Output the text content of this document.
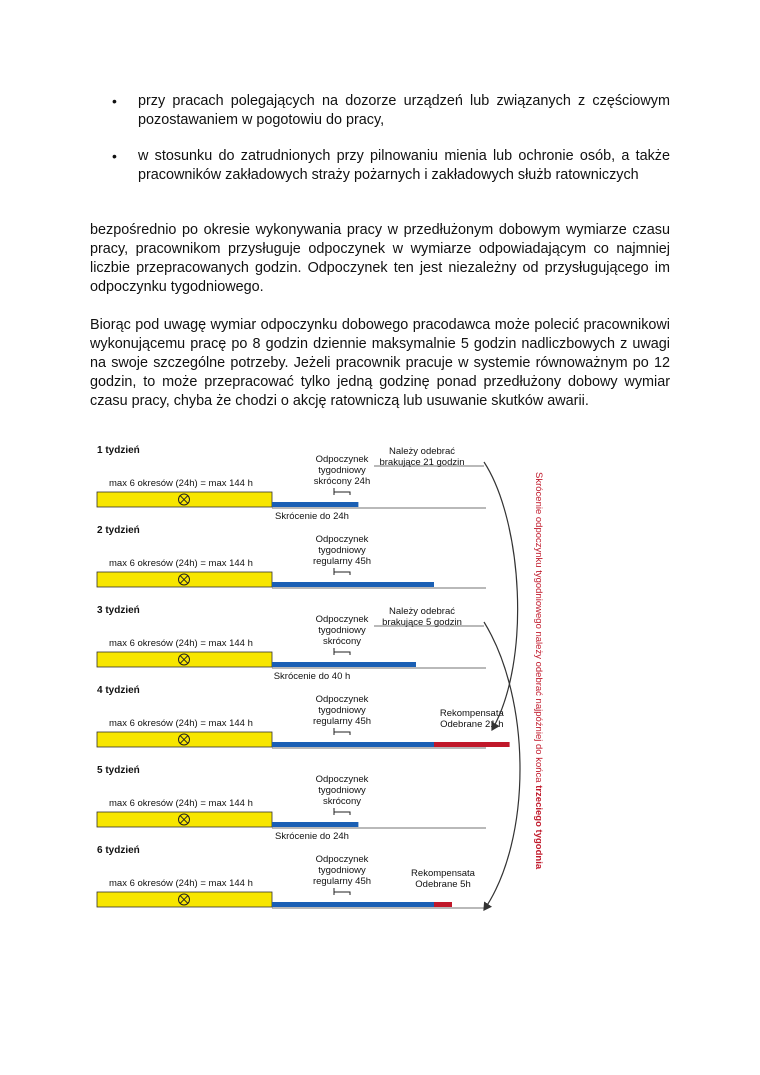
• przy pracach polegających na dozorze urządzeń lub związanych z częściowym pozostawaniem w pogotowiu do pracy,
• w stosunku do zatrudnionych przy pilnowaniu mienia lub ochronie osób, a także pracowników zakładowych straży pożarnych i zakładowych służb ratowniczych

bezpośrednio po okresie wykonywania pracy w przedłużonym dobowym wymiarze czasu pracy, pracownikom przysługuje odpoczynek w wymiarze odpowiadającym co najmniej liczbie przepracowanych godzin. Odpoczynek ten jest niezależny od przysługującego im odpoczynku tygodniowego.

Biorąc pod uwagę wymiar odpoczynku dobowego pracodawca może polecić pracownikowi wykonującemu pracę po 8 godzin dziennie maksymalnie 5 godzin nadliczbowych z uwagi na swoje szczególne potrzeby. Jeżeli pracownik pracuje w systemie równoważnym po 12 godzin, to może przepracować tylko jedną godzinę ponad przedłużony dobowy wymiar czasu pracy, chyba że chodzi o akcję ratowniczą lub usuwanie skutków awarii.

1 tydzień
max 6 okresów (24h) = max 144 h
Odpoczynek
tygodniowy
skrócony 24h
Skrócenie do 24h
Należy odebrać
brakujące 21 godzin
2 tydzień
max 6 okresów (24h) = max 144 h
Odpoczynek
tygodniowy
regularny 45h
3 tydzień
max 6 okresów (24h) = max 144 h
Odpoczynek
tygodniowy
skrócony
Skrócenie do 40 h
Należy odebrać
brakujące 5 godzin
4 tydzień
max 6 okresów (24h) = max 144 h
Rekompensata
Odebrane 21 h
Odpoczynek
tygodniowy
regularny 45h
5 tydzień
max 6 okresów (24h) = max 144 h
Odpoczynek
tygodniowy
skrócony
Skrócenie do 24h
6 tydzień
max 6 okresów (24h) = max 144 h
Rekompensata
Odebrane 5h
Odpoczynek
tygodniowy
regularny 45h
Skrócenie odpoczynku tygodniowego należy odebrać najpóźniej do końca trzeciego tygodnia
